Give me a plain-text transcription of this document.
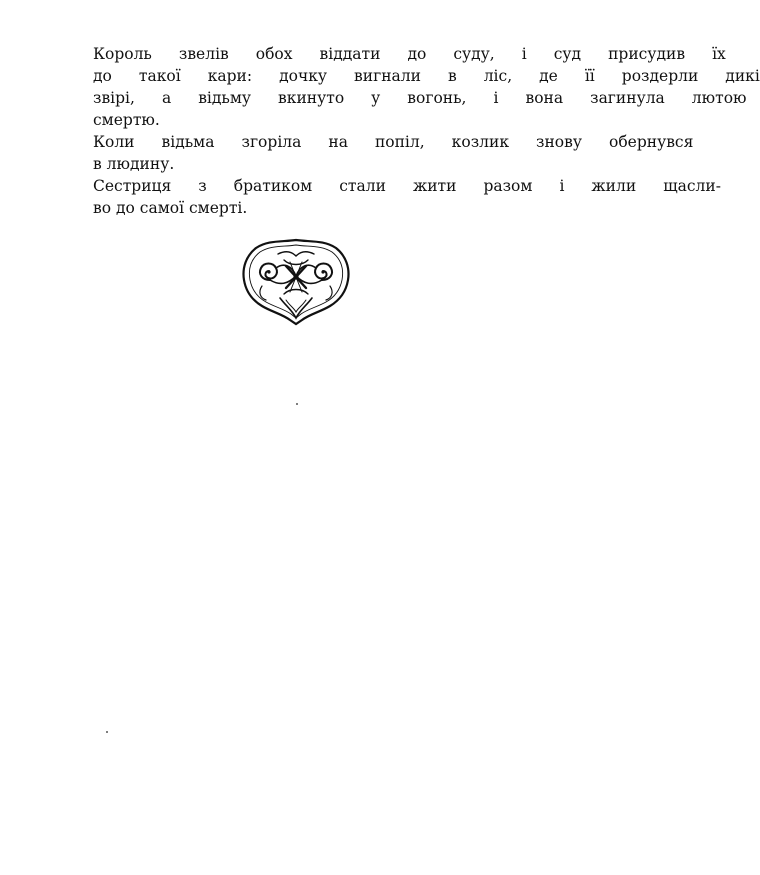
Король	звелів	обох	віддати	до	суду,	і	суд	присудив	їх
до	такої	кари:	дочку	вигнали	в	ліс,	де	її	роздерли	дикі
звірі,	а	відьму	вкинуто	у	вогонь,	і	вона	загинула	лютою
смертю.

Коли	відьма	згоріла	на	попіл,	козлик	знову	обернувся
в людину.

Сестриця	з	братиком	стали	жити	разом	і	жили	щасли-
во до самої смерті.
